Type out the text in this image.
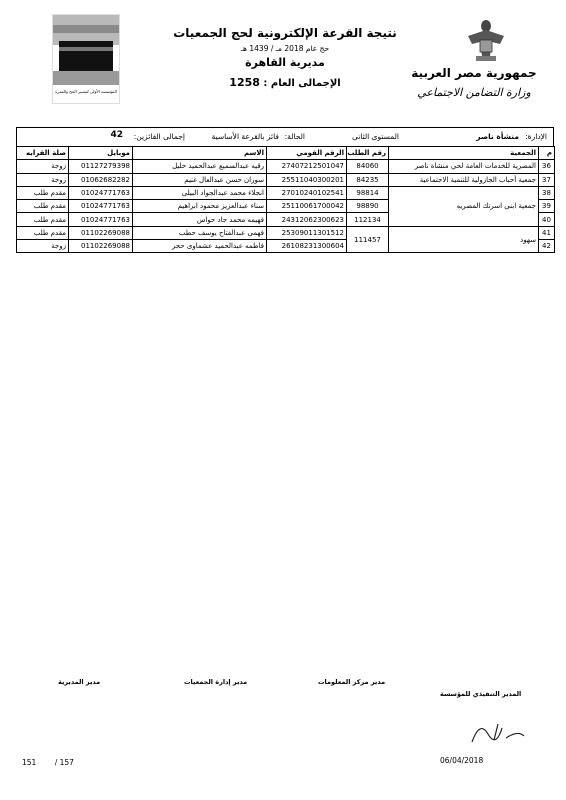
المؤسسة الأولى لتيسير الحج والعمرة
جمهورية مصر العربية
وزارة التضامن الاجتماعي
نتيجة القرعة الإلكترونية لحج الجمعيات
حج عام 2018 مـ / 1439 هـ
مديرية القاهرة
الإجمالى العام : 1258
الإدارة:
منشأة ناصر
المستوى الثانى
الحالة:
فائز بالقرعة الأساسية
إجمالى الفائزين:
42
م	الجمعية	رقم الطلب	الرقم القومي	الاسم	موبايل	صلة القرابه
36	المصرية للخدمات العامة لحي منشاة ناصر	84060	27407212501047	رقيه عبدالسميع عبدالحميد خليل	01127279398	زوجة
37	جمعية أحباب الجازولية للتنمية الاجتماعية	84235	25511040300201	سوزان حسن عبدالعال غنيم	01062682282	زوجة
38	جمعية ابنى اسرتك المصريه	98814	27010240102541	انجلاء محمد عبدالجواد البيلى	01024771763	مقدم طلب
39		98890	25110061700042	سناء عبدالعزيز محمود ابراهيم	01024771763	مقدم طلب
40		112134	24312062300623	فهيمه محمد جاد حواس	01024771763	مقدم طلب
41	سهود	111457	25309011301512	فهمى عبدالفتاح يوسف حطب	01102269088	مقدم طلب
42			26108231300604	فاطمه عبدالحميد عشماوى حجر	01102269088	زوجة
مدير المديرية	مدير إدارة الجمعيات	مدير مركز المعلومات
المدير التنفيذي للمؤسسة
06/04/2018
151 / 157
